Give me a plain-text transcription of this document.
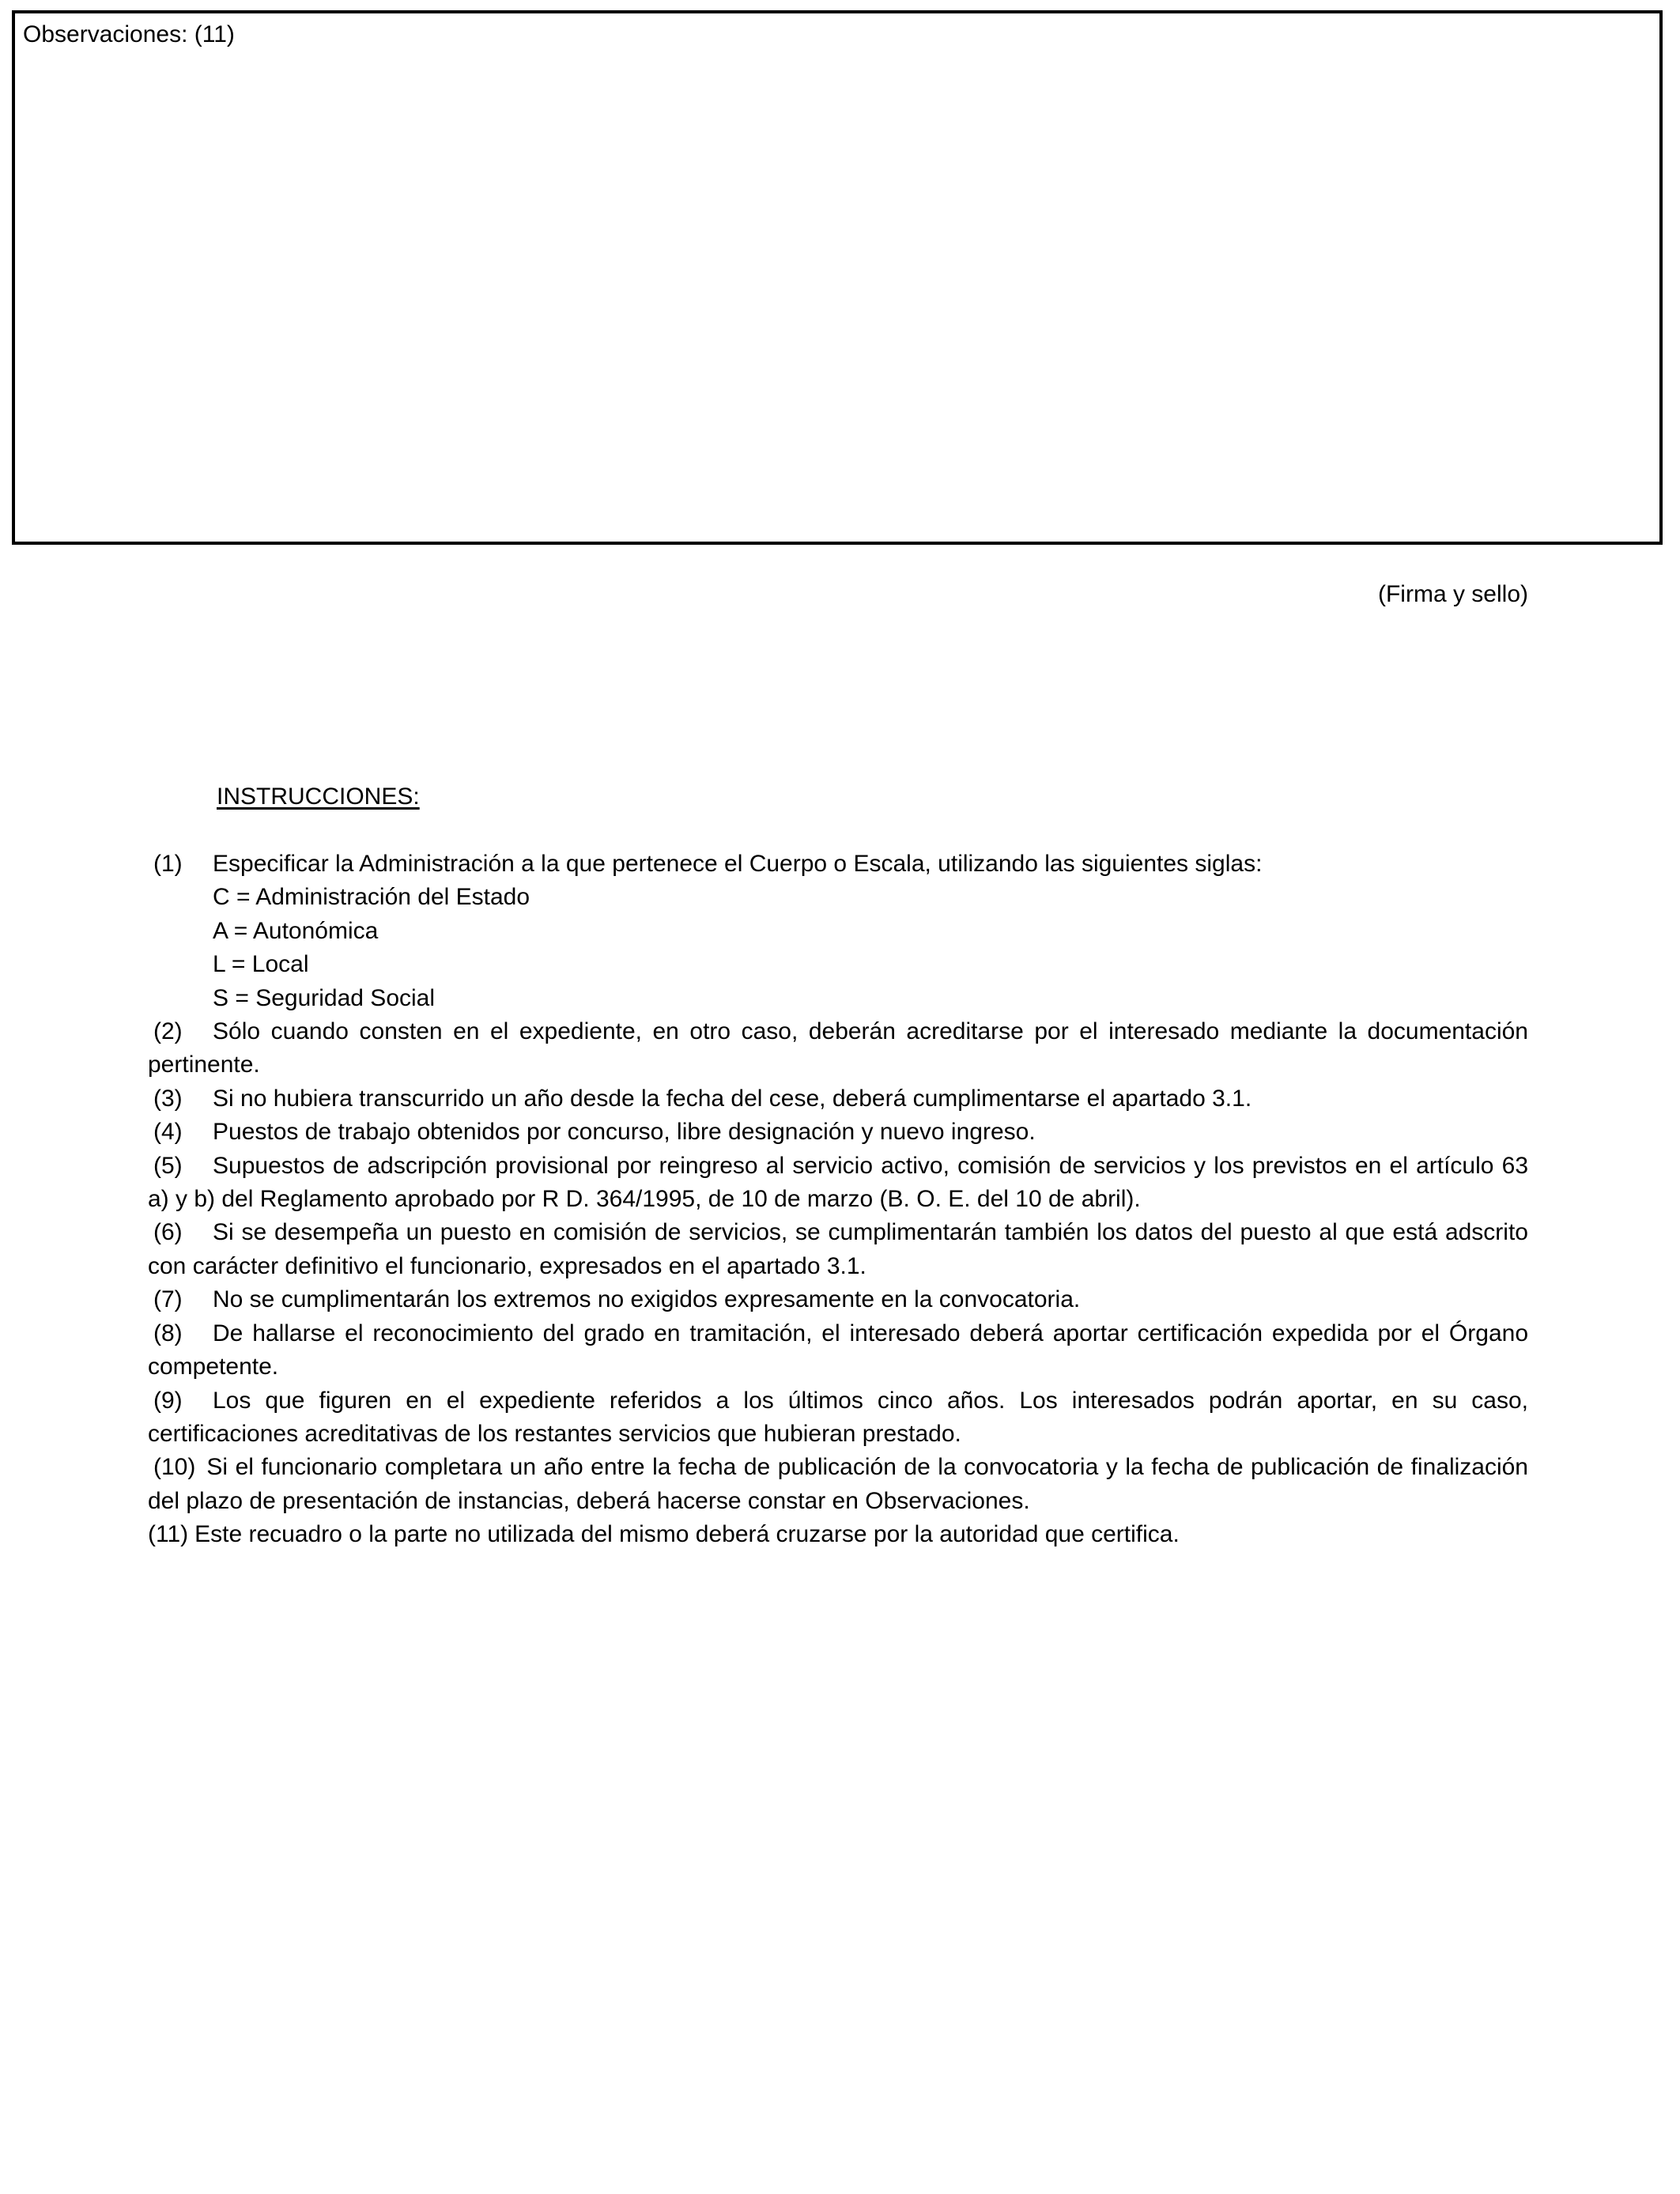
Observaciones: (11)
(Firma y sello)
INSTRUCCIONES:

(1) Especificar la Administración a la que pertenece el Cuerpo o Escala, utilizando las siguientes siglas:

C = Administración del Estado

A = Autonómica

L = Local

S = Seguridad Social

(2) Sólo cuando consten en el expediente, en otro caso, deberán acreditarse por el interesado mediante la documentación pertinente.

(3) Si no hubiera transcurrido un año desde la fecha del cese, deberá cumplimentarse el apartado 3.1.

(4) Puestos de trabajo obtenidos por concurso, libre designación y nuevo ingreso.

(5) Supuestos de adscripción provisional por reingreso al servicio activo, comisión de servicios y los previstos en el artículo 63 a) y b) del Reglamento aprobado por R D. 364/1995, de 10 de marzo (B. O. E. del 10 de abril).

(6) Si se desempeña un puesto en comisión de servicios, se cumplimentarán también los datos del puesto al que está adscrito con carácter definitivo el funcionario, expresados en el apartado 3.1.

(7) No se cumplimentarán los extremos no exigidos expresamente en la convocatoria.

(8) De hallarse el reconocimiento del grado en tramitación, el interesado deberá aportar certificación expedida por el Órgano competente.

(9) Los que figuren en el expediente referidos a los últimos cinco años. Los interesados podrán aportar, en su caso, certificaciones acreditativas de los restantes servicios que hubieran prestado.

(10) Si el funcionario completara un año entre la fecha de publicación de la convocatoria y la fecha de publicación de finalización del plazo de presentación de instancias, deberá hacerse constar en Observaciones.

(11) Este recuadro o la parte no utilizada del mismo deberá cruzarse por la autoridad que certifica.
